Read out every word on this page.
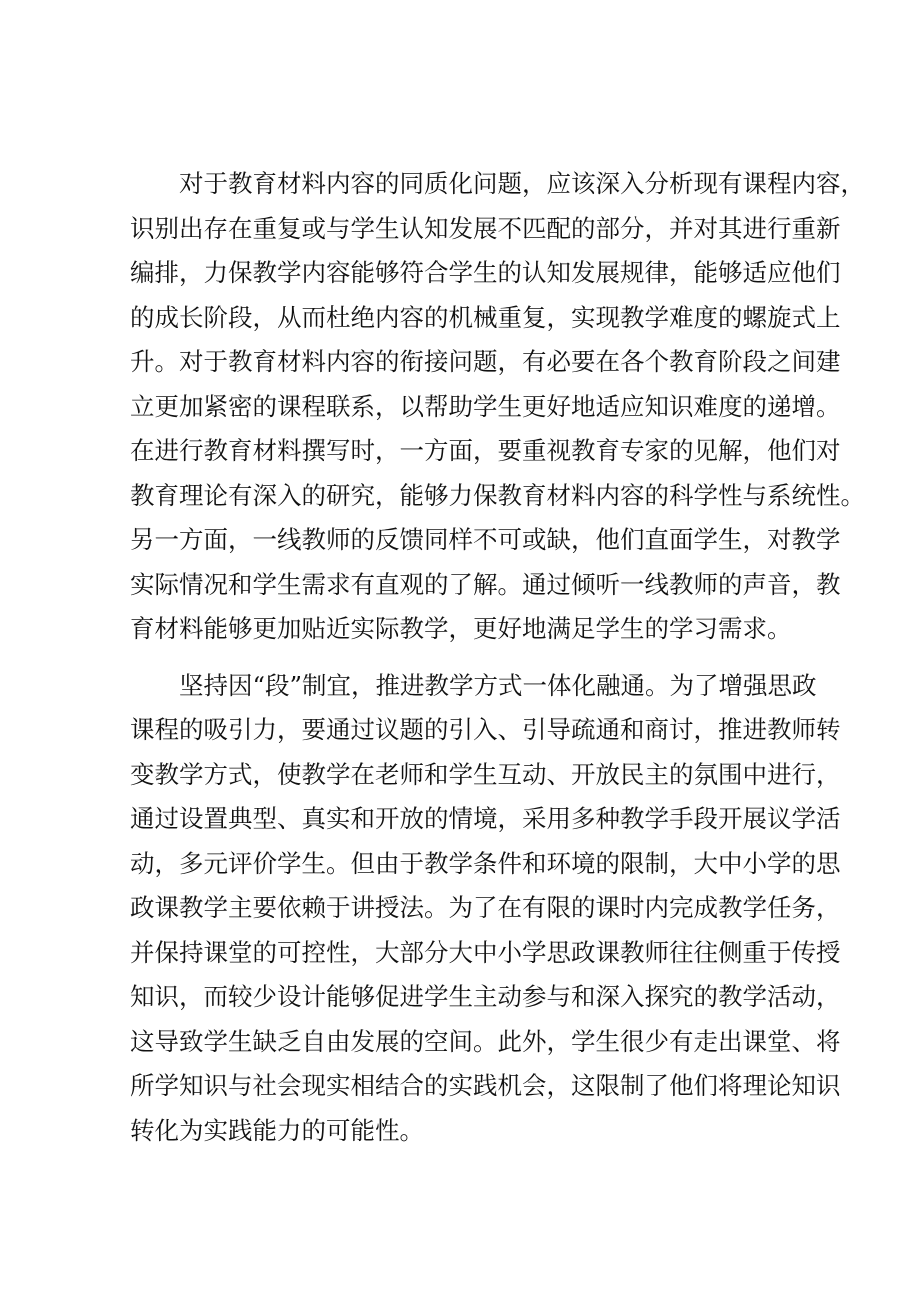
对于教育材料内容的同质化问题，应该深入分析现有课程内容，
识别出存在重复或与学生认知发展不匹配的部分，并对其进行重新
编排，力保教学内容能够符合学生的认知发展规律，能够适应他们
的成长阶段，从而杜绝内容的机械重复，实现教学难度的螺旋式上
升。对于教育材料内容的衔接问题，有必要在各个教育阶段之间建
立更加紧密的课程联系，以帮助学生更好地适应知识难度的递增。
在进行教育材料撰写时，一方面，要重视教育专家的见解，他们对
教育理论有深入的研究，能够力保教育材料内容的科学性与系统性。
另一方面，一线教师的反馈同样不可或缺，他们直面学生，对教学
实际情况和学生需求有直观的了解。通过倾听一线教师的声音，教
育材料能够更加贴近实际教学，更好地满足学生的学习需求。
坚持因“段”制宜，推进教学方式一体化融通。为了增强思政
课程的吸引力，要通过议题的引入、引导疏通和商讨，推进教师转
变教学方式，使教学在老师和学生互动、开放民主的氛围中进行，
通过设置典型、真实和开放的情境，采用多种教学手段开展议学活
动，多元评价学生。但由于教学条件和环境的限制，大中小学的思
政课教学主要依赖于讲授法。为了在有限的课时内完成教学任务，
并保持课堂的可控性，大部分大中小学思政课教师往往侧重于传授
知识，而较少设计能够促进学生主动参与和深入探究的教学活动，
这导致学生缺乏自由发展的空间。此外，学生很少有走出课堂、将
所学知识与社会现实相结合的实践机会，这限制了他们将理论知识
转化为实践能力的可能性。
